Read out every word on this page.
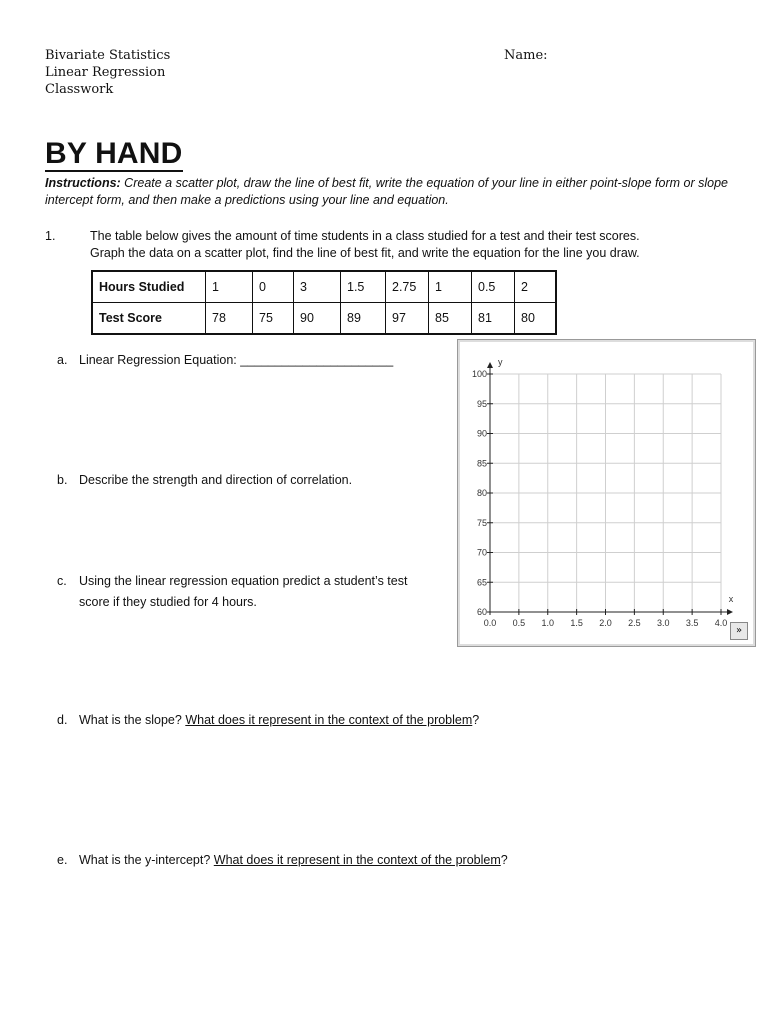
Bivariate Statistics
Linear Regression
Classwork
Name:
BY HAND
Instructions: Create a scatter plot, draw the line of best fit, write the equation of your line in either point-slope form or slope intercept form, and then make a predictions using your line and equation.
1.	The table below gives the amount of time students in a class studied for a test and their test scores.
Graph the data on a scatter plot, find the line of best fit, and write the equation for the line you draw.
Hours Studied	1	0	3	1.5	2.75	1	0.5	2
Test Score	78	75	90	89	97	85	81	80
a. Linear Regression Equation: ______________________
b. Describe the strength and direction of correlation.
c. Using the linear regression equation predict a student’s test
score if they studied for 4 hours.
d. What is the slope? What does it represent in the context of the problem?
e. What is the y-intercept? What does it represent in the context of the problem?
0.0 0.5 1.0 1.5 2.0 2.5 3.0 3.5 4.0
60
65
70
75
80
85
90
95
100
x
y
»
